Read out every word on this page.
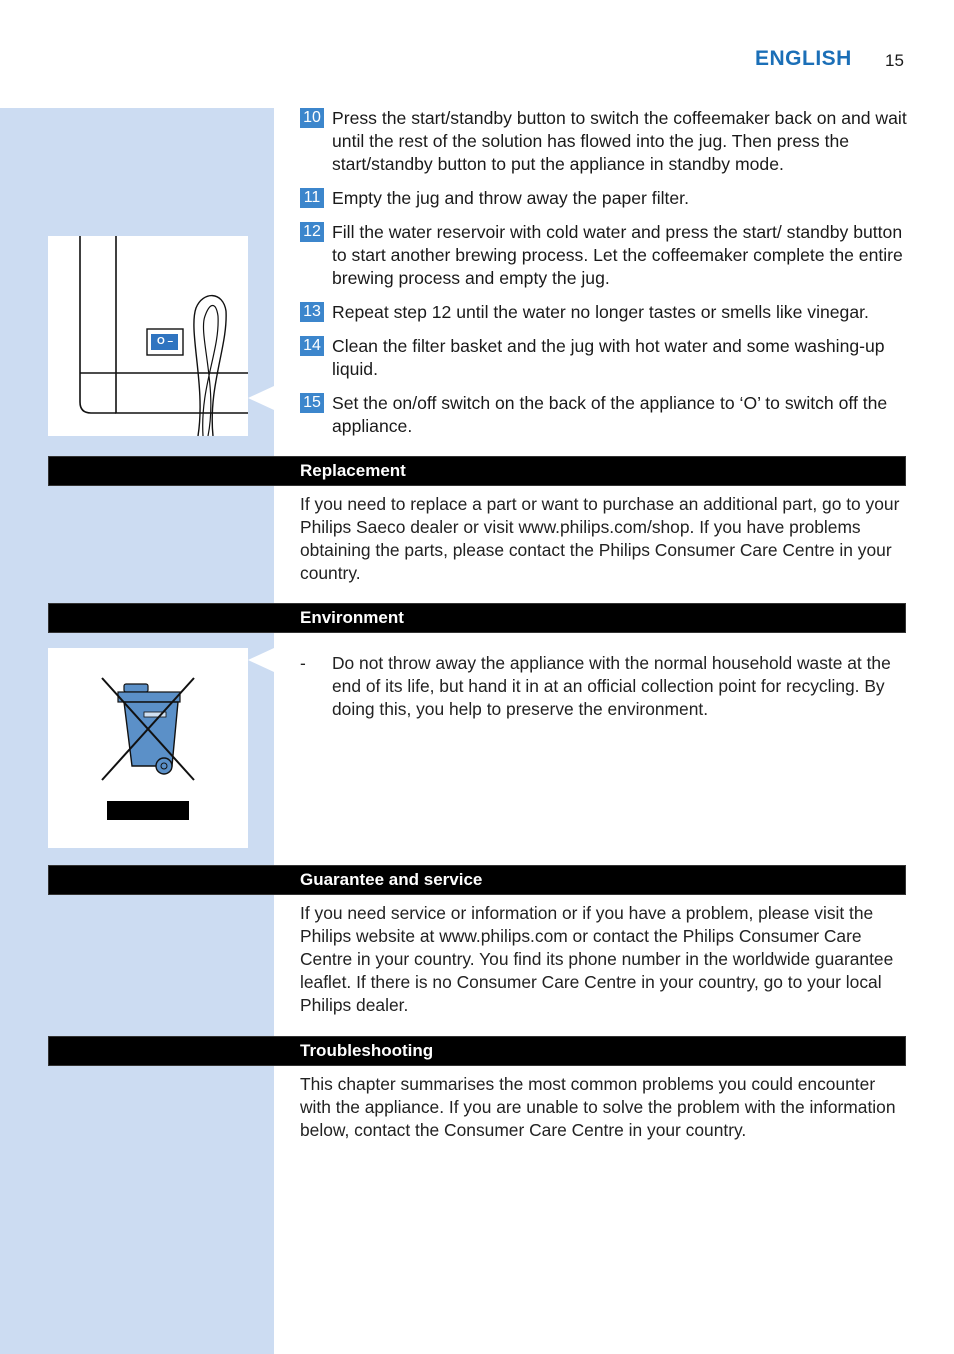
ENGLISH 15
O –
10 Press the start/standby button to switch the coffeemaker back on and wait until the rest of the solution has flowed into the jug. Then press the start/standby button to put the appliance in standby mode.
11 Empty the jug and throw away the paper filter.
12 Fill the water reservoir with cold water and press the start/ standby button to start another brewing process. Let the coffeemaker complete the entire brewing process and empty the jug.
13 Repeat step 12 until the water no longer tastes or smells like vinegar.
14 Clean the filter basket and the jug with hot water and some washing-up liquid.
15 Set the on/off switch on the back of the appliance to ‘O’ to switch off the appliance.
Replacement
If you need to replace a part or want to purchase an additional part, go to your Philips Saeco dealer or visit www.philips.com/shop. If you have problems obtaining the parts, please contact the Philips Consumer Care Centre in your country.
Environment
- Do not throw away the appliance with the normal household waste at the end of its life, but hand it in at an official collection point for recycling. By doing this, you help to preserve the environment.
Guarantee and service
If you need service or information or if you have a problem, please visit the Philips website at www.philips.com or contact the Philips Consumer Care Centre in your country. You find its phone number in the worldwide guarantee leaflet. If there is no Consumer Care Centre in your country, go to your local Philips dealer.
Troubleshooting
This chapter summarises the most common problems you could encounter with the appliance. If you are unable to solve the problem with the information below, contact the Consumer Care Centre in your country.
